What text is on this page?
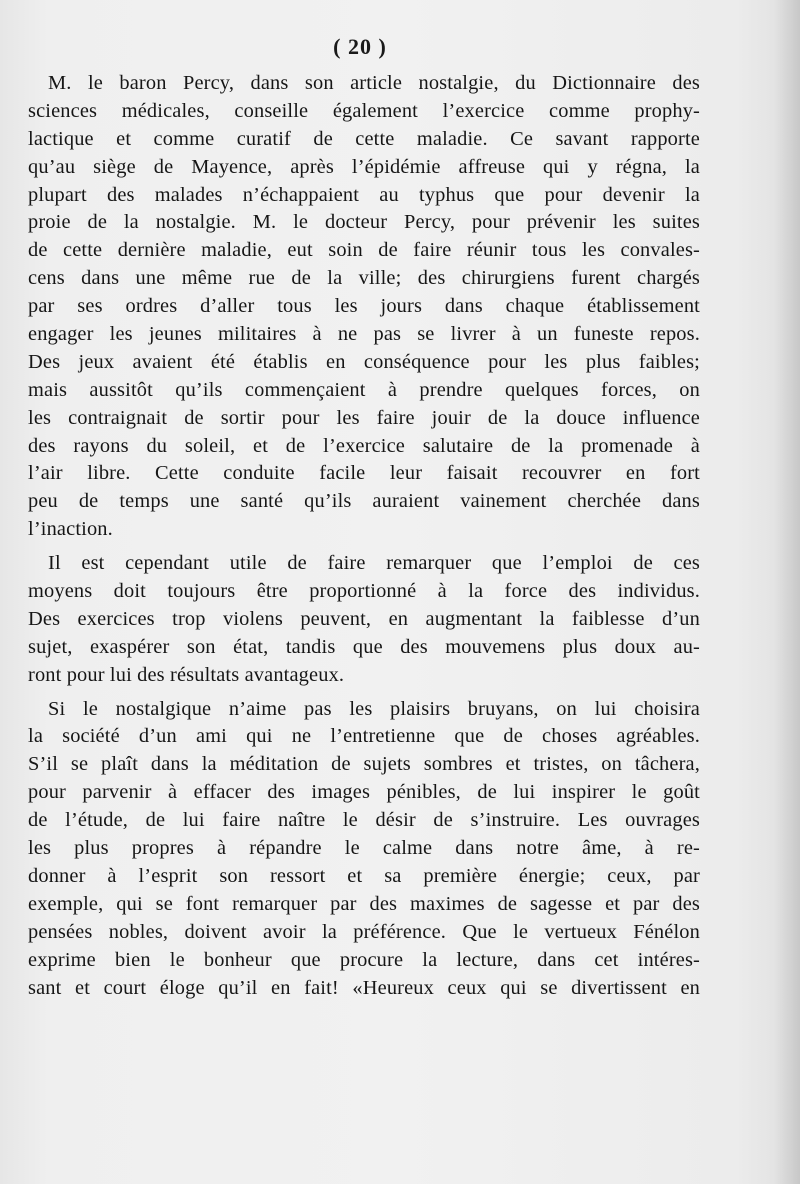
( 20 )
M. le baron Percy, dans son article nostalgie, du Dictionnaire des
sciences médicales, conseille également l’exercice comme prophy-
lactique et comme curatif de cette maladie. Ce savant rapporte
qu’au siège de Mayence, après l’épidémie affreuse qui y régna, la
plupart des malades n’échappaient au typhus que pour devenir la
proie de la nostalgie. M. le docteur Percy, pour prévenir les suites
de cette dernière maladie, eut soin de faire réunir tous les convales-
cens dans une même rue de la ville; des chirurgiens furent chargés
par ses ordres d’aller tous les jours dans chaque établissement
engager les jeunes militaires à ne pas se livrer à un funeste repos.
Des jeux avaient été établis en conséquence pour les plus faibles;
mais aussitôt qu’ils commençaient à prendre quelques forces, on
les contraignait de sortir pour les faire jouir de la douce influence
des rayons du soleil, et de l’exercice salutaire de la promenade à
l’air libre. Cette conduite facile leur faisait recouvrer en fort
peu de temps une santé qu’ils auraient vainement cherchée dans
l’inaction.
Il est cependant utile de faire remarquer que l’emploi de ces
moyens doit toujours être proportionné à la force des individus.
Des exercices trop violens peuvent, en augmentant la faiblesse d’un
sujet, exaspérer son état, tandis que des mouvemens plus doux au-
ront pour lui des résultats avantageux.
Si le nostalgique n’aime pas les plaisirs bruyans, on lui choisira
la société d’un ami qui ne l’entretienne que de choses agréables.
S’il se plaît dans la méditation de sujets sombres et tristes, on tâchera,
pour parvenir à effacer des images pénibles, de lui inspirer le goût
de l’étude, de lui faire naître le désir de s’instruire. Les ouvrages
les plus propres à répandre le calme dans notre âme, à re-
donner à l’esprit son ressort et sa première énergie; ceux, par
exemple, qui se font remarquer par des maximes de sagesse et par des
pensées nobles, doivent avoir la préférence. Que le vertueux Fénélon
exprime bien le bonheur que procure la lecture, dans cet intéres-
sant et court éloge qu’il en fait! «Heureux ceux qui se divertissent en
